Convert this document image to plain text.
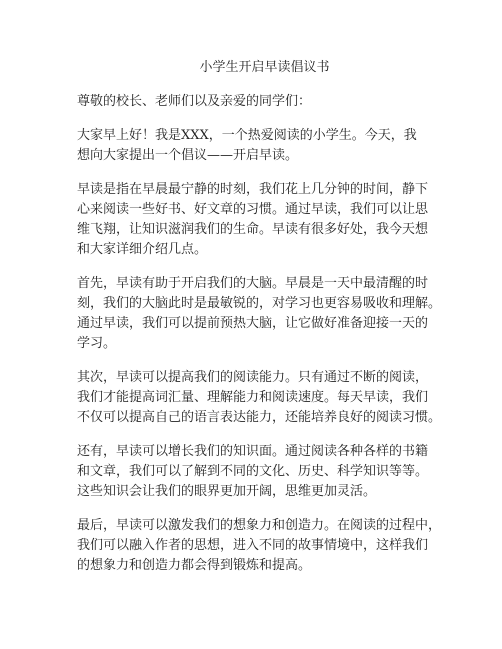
小学生开启早读倡议书
尊敬的校长、老师们以及亲爱的同学们：
大家早上好！我是XXX，一个热爱阅读的小学生。今天，我
想向大家提出一个倡议——开启早读。
早读是指在早晨最宁静的时刻，我们花上几分钟的时间，静下
心来阅读一些好书、好文章的习惯。通过早读，我们可以让思
维飞翔，让知识滋润我们的生命。早读有很多好处，我今天想
和大家详细介绍几点。
首先，早读有助于开启我们的大脑。早晨是一天中最清醒的时
刻，我们的大脑此时是最敏锐的，对学习也更容易吸收和理解。
通过早读，我们可以提前预热大脑，让它做好准备迎接一天的
学习。
其次，早读可以提高我们的阅读能力。只有通过不断的阅读，
我们才能提高词汇量、理解能力和阅读速度。每天早读，我们
不仅可以提高自己的语言表达能力，还能培养良好的阅读习惯。
还有，早读可以增长我们的知识面。通过阅读各种各样的书籍
和文章，我们可以了解到不同的文化、历史、科学知识等等。
这些知识会让我们的眼界更加开阔，思维更加灵活。
最后，早读可以激发我们的想象力和创造力。在阅读的过程中，
我们可以融入作者的思想，进入不同的故事情境中，这样我们
的想象力和创造力都会得到锻炼和提高。
